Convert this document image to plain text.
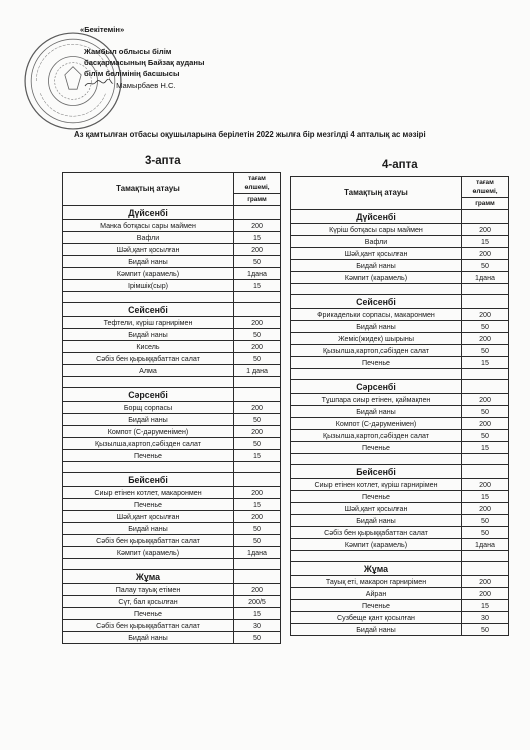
«Бекітемін»
Жамбыл облысы білім
басқармасының Байзақ ауданы
білім бөлімінің басшысы
Мамырбаев Н.С.
Аз қамтылған отбасы оқушыларына берілетін 2022 жылға бір мезгілді 4 апталық ас мәзірі
3-апта	4-апта
Тамақтың атауы	тағам өлшемі,
	грамм
Дүйсенбі	
Манка ботқасы сары маймен	200
Вафли	15
Шәй,қант қосылған	200
Бидай наны	50
Кәмпит (карамель)	1дана
Ірімшік(сыр)	15

Сейсенбі	
Тефтели, күріш гарнирімен	200
Бидай наны	50
Кисель	200
Сәбіз бен қырыққабаттан салат	50
Алма	1 дана

Сәрсенбі	
Борщ сорпасы	200
Бидай наны	50
Компот (С-дәруменімен)	200
Қызылша,картоп,сәбізден салат	50
Печенье	15

Бейсенбі	
Сиыр етінен котлет, макаронмен	200
Печенье	15
Шәй,қант қосылған	200
Бидай наны	50
Сәбіз бен қырыққабаттан салат	50
Кәмпит (карамель)	1дана

Жұма	
Палау тауық етімен	200
Сүт, бал қосылған	200/5
Печенье	15
Сәбіз бен қырыққабаттан салат	30
Бидай наны	50
Тамақтың атауы	тағам өлшемі,
	грамм
Дүйсенбі	
Күріш ботқасы сары маймен	200
Вафли	15
Шәй,қант қосылған	200
Бидай наны	50
Кәмпит (карамель)	1дана

Сейсенбі	
Фрикадельки сорпасы, макаронмен	200
Бидай наны	50
Жеміс(жидек) шырыны	200
Қызылша,картоп,сәбізден салат	50
Печенье	15

Сәрсенбі	
Тұшпара сиыр етінен, қаймақпен	200
Бидай наны	50
Компот (С-дәруменімен)	200
Қызылша,картоп,сәбізден салат	50
Печенье	15

Бейсенбі	
Сиыр етінен котлет, күріш гарнирімен	200
Печенье	15
Шәй,қант қосылған	200
Бидай наны	50
Сәбіз бен қырыққабаттан салат	50
Кәмпит (карамель)	1дана

Жұма	
Тауық еті, макарон гарнирімен	200
Айран	200
Печенье	15
Сузбеще қант қосылған	30
Бидай наны	50
